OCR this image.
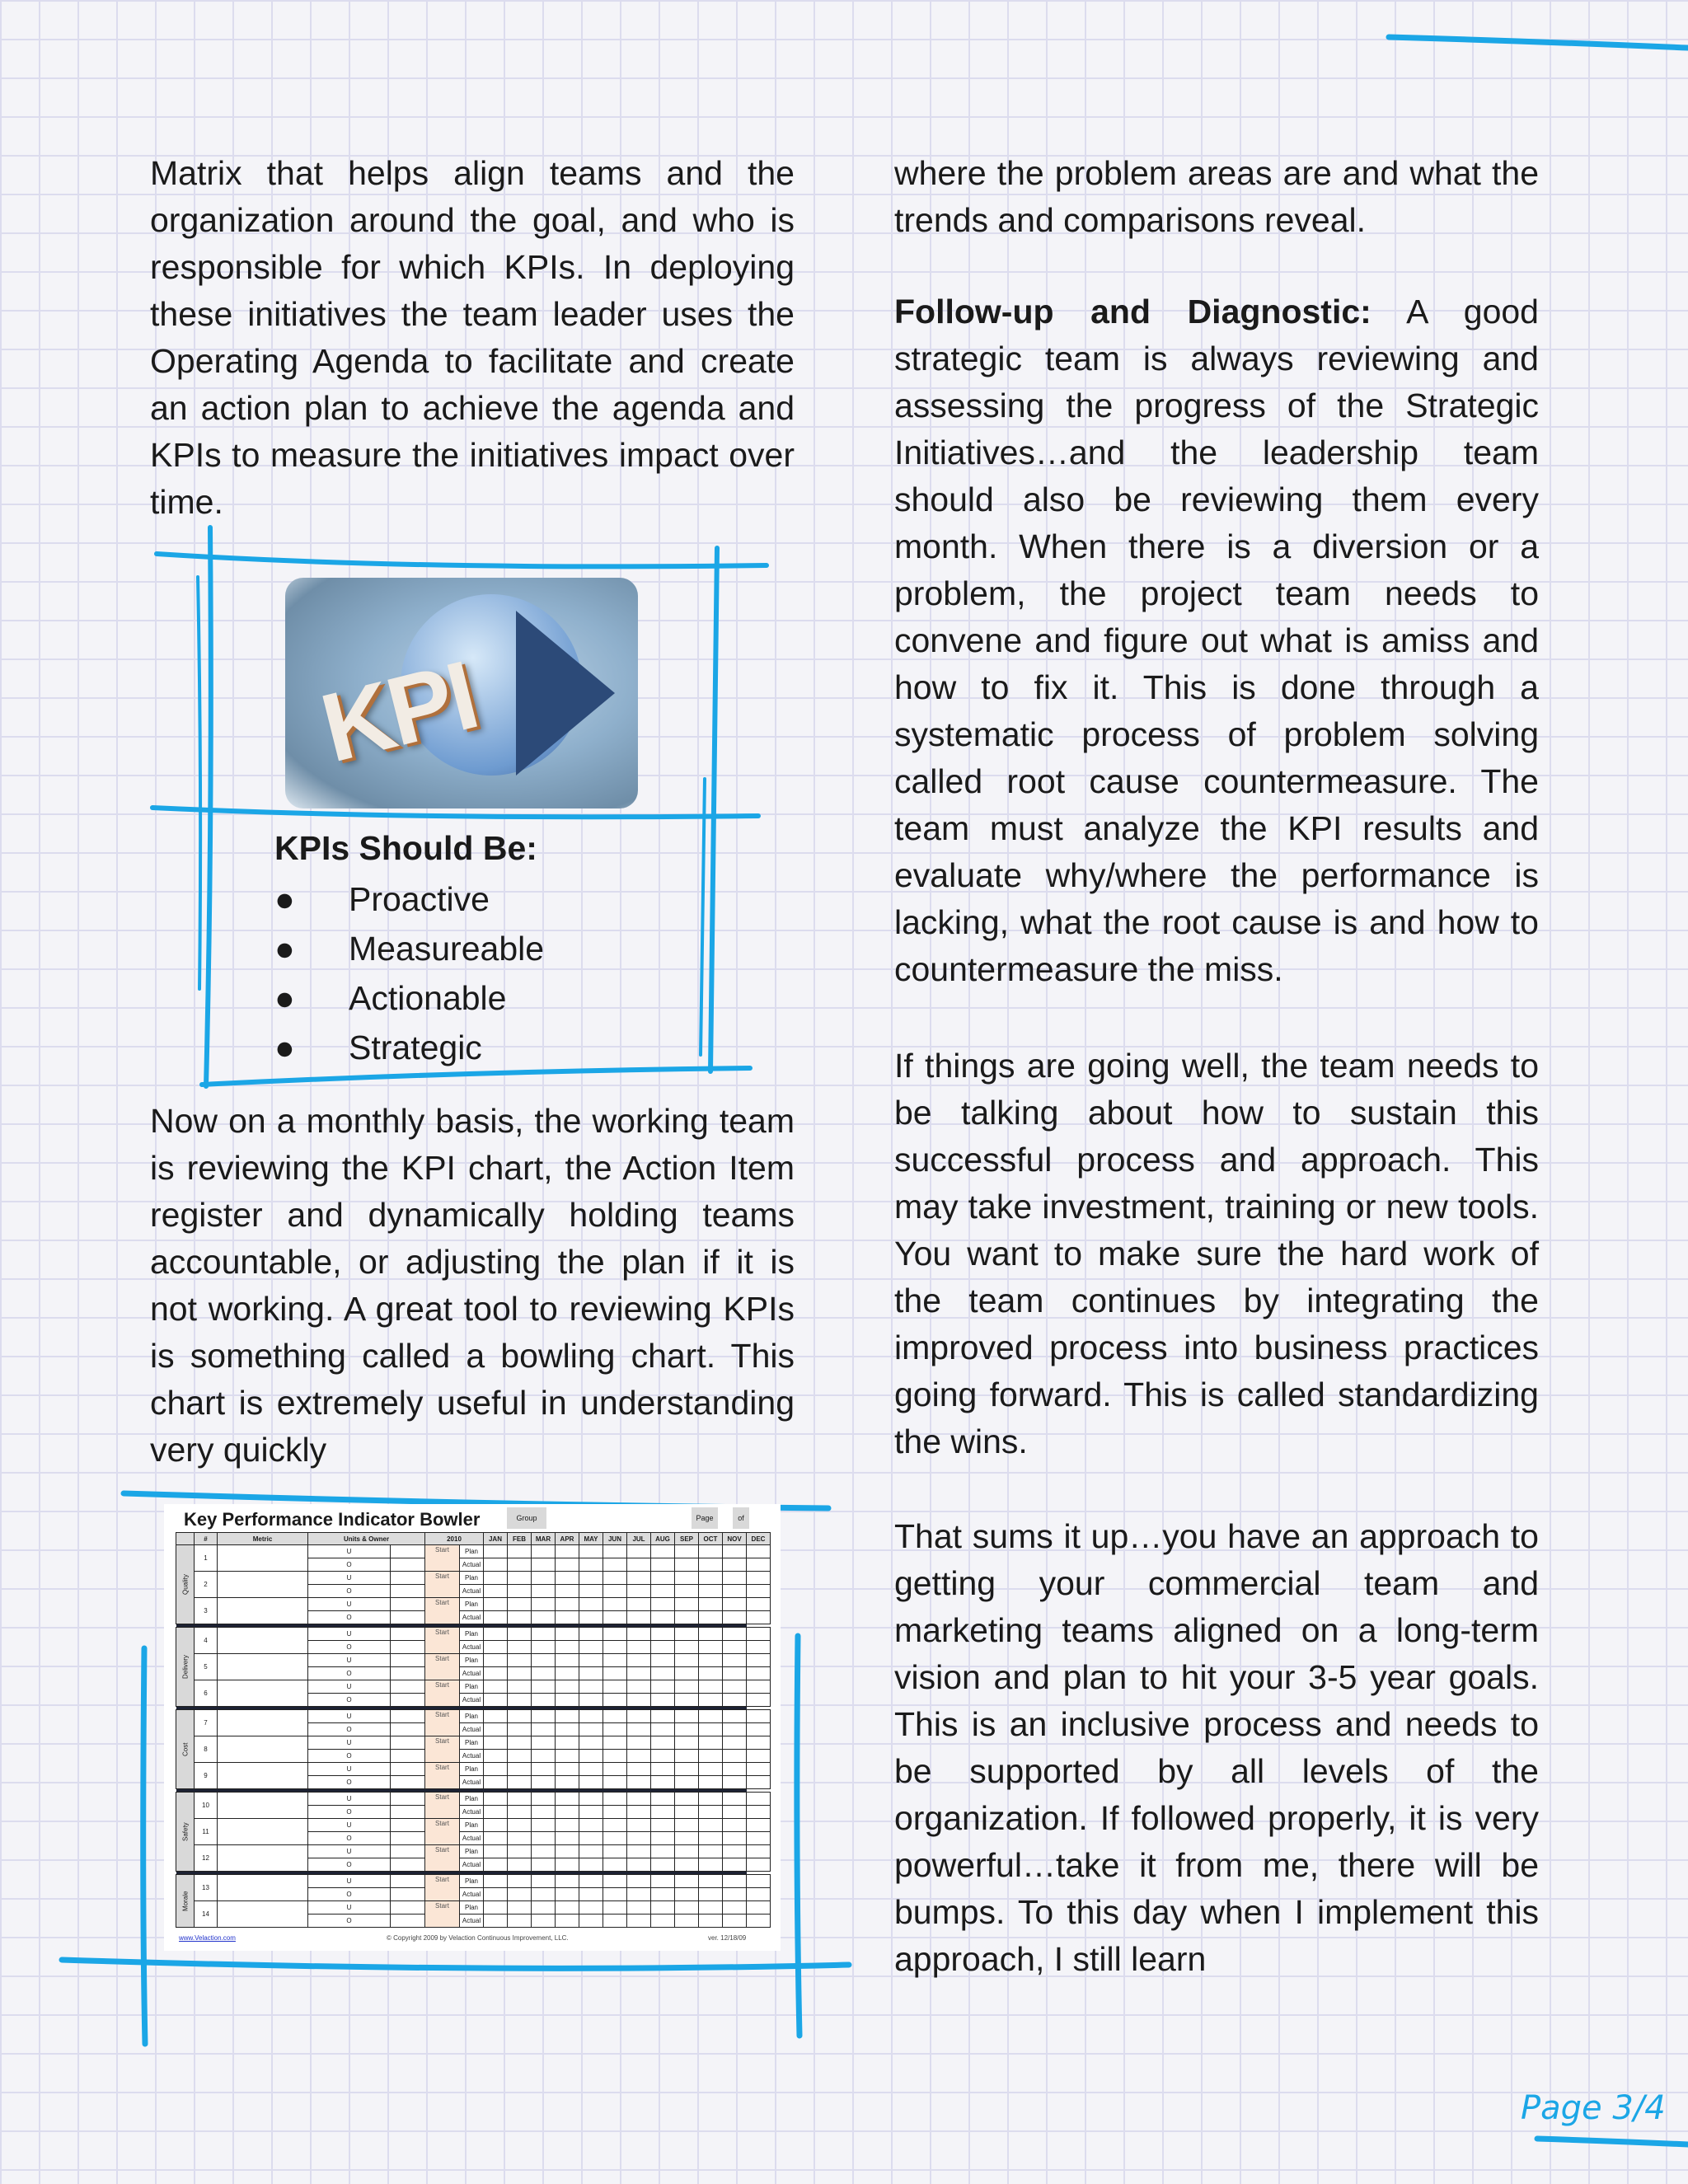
Matrix that helps align teams and the organization around the goal, and who is responsible for which KPIs. In deploying these initiatives the team leader uses the Operating Agenda to facilitate and create an action plan to achieve the agenda and KPIs to measure the initiatives impact over time.

KPI
KPIs Should Be:
● Proactive
● Measureable
● Actionable
● Strategic

Now on a monthly basis, the working team is reviewing the KPI chart, the Action Item register and dynamically holding teams accountable, or adjusting the plan if it is not working. A great tool to reviewing KPIs is something called a bowling chart. This chart is extremely useful in understanding very quickly

Key Performance Indicator Bowler	Group	Page	of
	#	Metric	Units & Owner		2010		JAN	FEB	MAR	APR	MAY	JUN	JUL	AUG	SEP	OCT	NOV	DEC
Quality	1		U		Start	Plan												
			O			Actual												
	2		U		Start	Plan												
			O			Actual												
	3		U		Start	Plan												
			O			Actual												

Delivery	4		U		Start	Plan												
			O			Actual												
	5		U		Start	Plan												
			O			Actual												
	6		U		Start	Plan												
			O			Actual												

Cost	7		U		Start	Plan												
			O			Actual												
	8		U		Start	Plan												
			O			Actual												
	9		U		Start	Plan												
			O			Actual												

Safety	10		U		Start	Plan												
			O			Actual												
	11		U		Start	Plan												
			O			Actual												
	12		U		Start	Plan												
			O			Actual												

Morale	13		U		Start	Plan												
			O			Actual												
	14		U		Start	Plan												
			O			Actual												
www.Velaction.com	© Copyright 2009 by Velaction Continuous Improvement, LLC.	ver. 12/18/09

where the problem areas are and what the trends and comparisons reveal.

Follow-up and Diagnostic: A good strategic team is always reviewing and assessing the progress of the Strategic Initiatives…and the leadership team should also be reviewing them every month. When there is a diversion or a problem, the project team needs to convene and figure out what is amiss and how to fix it. This is done through a systematic process of problem solving called root cause countermeasure. The team must analyze the KPI results and evaluate why/where the performance is lacking, what the root cause is and how to countermeasure the miss.

If things are going well, the team needs to be talking about how to sustain this successful process and approach. This may take investment, training or new tools. You want to make sure the hard work of the team continues by integrating the improved process into business practices going forward. This is called standardizing the wins.

That sums it up…you have an approach to getting your commercial team and marketing teams aligned on a long-term vision and plan to hit your 3-5 year goals. This is an inclusive process and needs to be supported by all levels of the organization. If followed properly, it is very powerful…take it from me, there will be bumps. To this day when I implement this approach, I still learn

Page 3/4
